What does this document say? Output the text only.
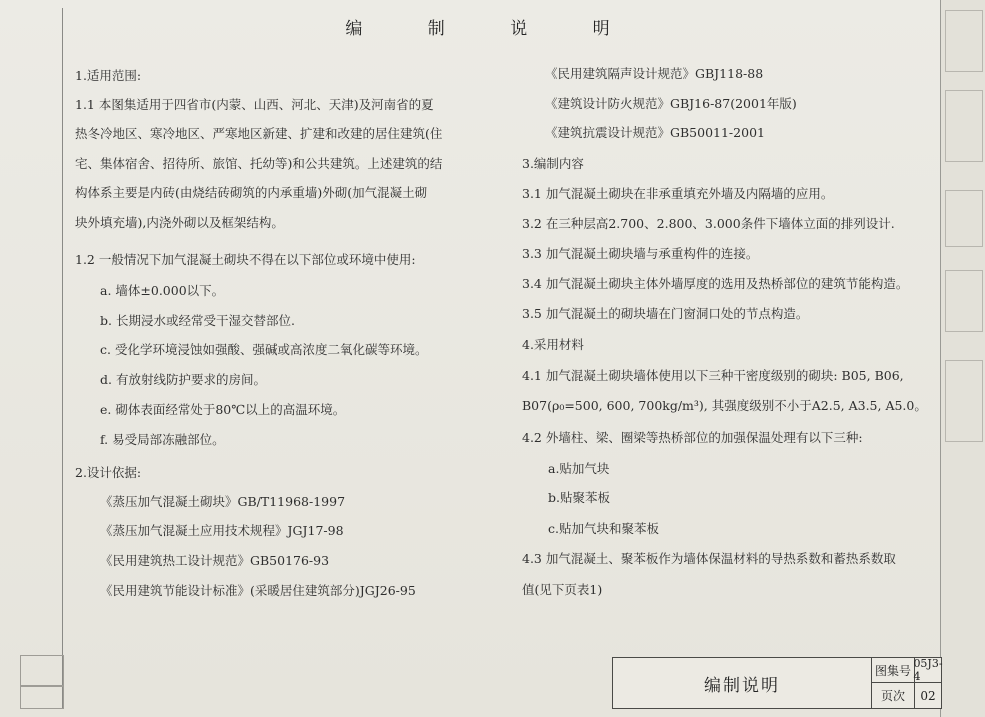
编 制 说 明
1.适用范围:
1.1 本图集适用于四省市(内蒙、山西、河北、天津)及河南省的夏
热冬冷地区、寒冷地区、严寒地区新建、扩建和改建的居住建筑(住
宅、集体宿舍、招待所、旅馆、托幼等)和公共建筑。上述建筑的结
构体系主要是内砖(由烧结砖砌筑的内承重墙)外砌(加气混凝土砌
块外填充墙),内浇外砌以及框架结构。
1.2 一般情况下加气混凝土砌块不得在以下部位或环境中使用:
a. 墙体±0.000以下。
b. 长期浸水或经常受干湿交替部位.
c. 受化学环境浸蚀如强酸、强碱或高浓度二氧化碳等环境。
d. 有放射线防护要求的房间。
e. 砌体表面经常处于80℃以上的高温环境。
f. 易受局部冻融部位。
2.设计依据:
《蒸压加气混凝土砌块》GB/T11968-1997
《蒸压加气混凝土应用技术规程》JGJ17-98
《民用建筑热工设计规范》GB50176-93
《民用建筑节能设计标准》(采暖居住建筑部分)JGJ26-95
《民用建筑隔声设计规范》GBJ118-88
《建筑设计防火规范》GBJ16-87(2001年版)
《建筑抗震设计规范》GB50011-2001
3.编制内容
3.1 加气混凝土砌块在非承重填充外墙及内隔墙的应用。
3.2 在三种层高2.700、2.800、3.000条件下墙体立面的排列设计.
3.3 加气混凝土砌块墙与承重构件的连接。
3.4 加气混凝土砌块主体外墙厚度的选用及热桥部位的建筑节能构造。
3.5 加气混凝土的砌块墙在门窗洞口处的节点构造。
4.采用材料
4.1 加气混凝土砌块墙体使用以下三种干密度级别的砌块: B05, B06,
B07(ρ₀=500, 600, 700kg/m³), 其强度级别不小于A2.5, A3.5, A5.0。
4.2 外墙柱、梁、圈梁等热桥部位的加强保温处理有以下三种:
a.贴加气块
b.贴聚苯板
c.贴加气块和聚苯板
4.3 加气混凝土、聚苯板作为墙体保温材料的导热系数和蓄热系数取
值(见下页表1)
编制说明
图集号 05J3-4
页次	02
